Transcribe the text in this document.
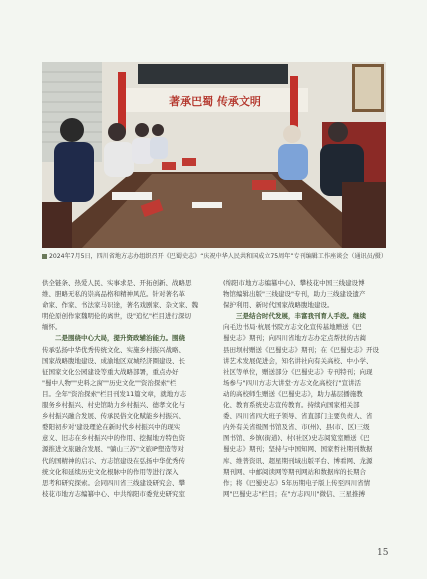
著承巴蜀 传承文明
2024年7月5日，四川省地方志办组织召开《巴蜀史志》“庆祝中华人民共和国成立75周年”专刊编辑工作座谈会（通讯员/摄）
供全链条、热爱人民、实事求是、开拓创新、战略思
维、胆略无私的崇高品格和精神风范。针对著名革
命家、作家、书法家马识途，著名戏剧家、杂文家、魏
明伦原创作家魏明伦的离世，设"追忆"栏目进行深切
缅怀。
二是围绕中心大局，提升资政辅治能力。围绕
传承弘扬中华优秀传统文化、实施乡村振兴战略、
国家战略腹地建设、成渝地区双城经济圈建设、长
征国家文化公园建设等重大战略部署，重点办好
"蜀中人物""史料之窗""历史文化""资治探索"栏
目。全年"资治探索"栏目刊发11篇文章，就地方志
服务乡村振兴、村史馆助力乡村振兴、德孝文化与
乡村振兴融合发展、传承民俗文化赋能乡村振兴、
婺阳初步对'建设理论在新时代乡村振兴中的现实
意义、旧志在乡村振兴中的作用、挖掘地方特色资
源推进文旅融合发展、"躺山三苏"文旅IP塑造等对
代的国精神的启示、方志馆建设在弘扬中华优秀传
统文化和延续历史文化根脉中的作用等进行深入
思考和研究探索。会同四川省三线建设研究会、攀
枝花市地方志编纂中心、中共绵阳市委党史研究室
(绵阳市地方志编纂中心)、攀枝花中国三线建设博
物馆编辑出版"三线建设"专刊，助力三线建设遗产
保护利用、新时代国家战略腹地建设。
三是结合时代发展，丰富我刊育人手段。继续
向毛边书局·杭展书院方志文化宣传基地赠送《巴
蜀史志》期刊；向四川省地方志办定点帮扶的古蔺
县田坝村赠送《巴蜀史志》期刊；在《巴蜀史志》开设
讲艺术发展促进会，知名讲社向有关高校、中小学、
社区等单位，赠送部分《巴蜀史志》专刊特刊；向现
场参与"四川方志大讲堂·方志文化高校行"宣讲活
动的高校师生赠送《巴蜀史志》，助力基层播施教
化、教育系统史志宣传教育。持续向国家相关部
委、四川省四大班子领导、省直部门主要负责人、省
内外有关省级图书馆及省、市(州)、县(市、区)三级
图书馆、乡镇(街道)、村(社区)史志阅览室赠送《巴
蜀史志》期刊；坚持与中国知网、国家哲社期刊数据
库、维普资讯、超星期刊域出版平台、博看网、龙源
期刊网、中邮阅读网等期刊网站和数据库的长期合
作；将《巴蜀史志》5年历期电子版上传至四川省情
网"巴蜀史志"栏目；在"方志四川"微信、三星推搏
15
